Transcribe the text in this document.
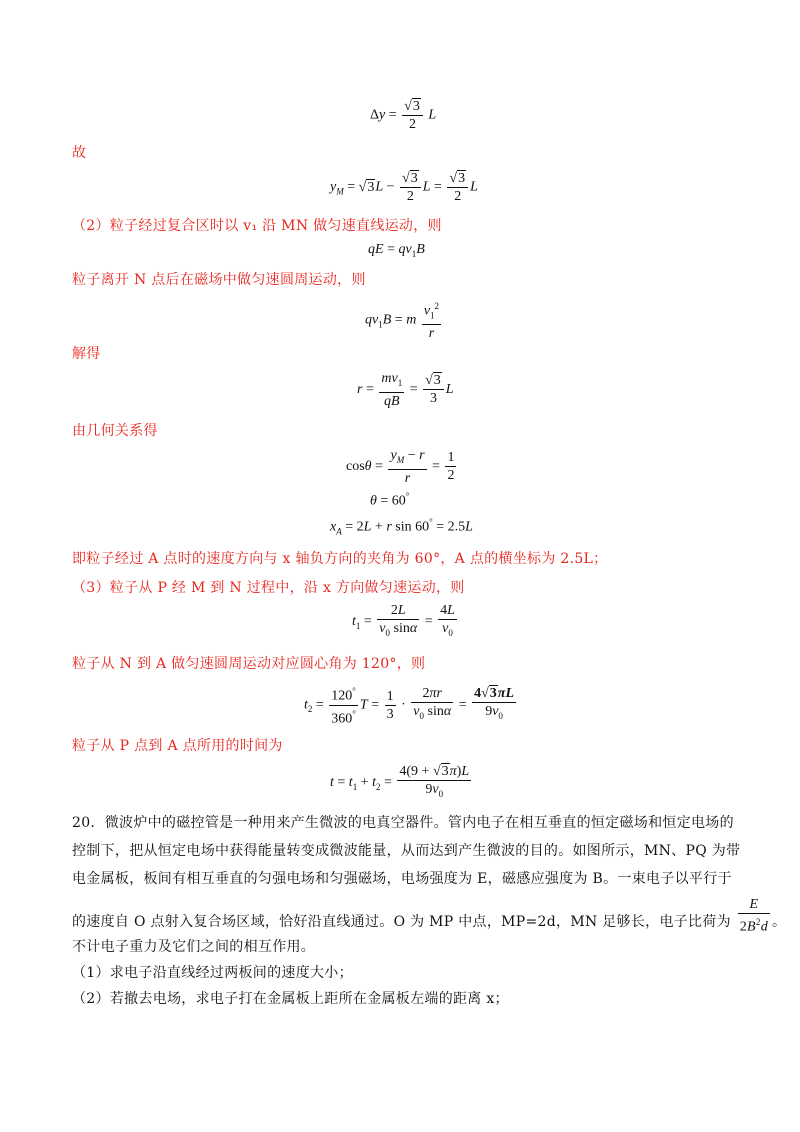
$\Delta y = \frac{√3}{2}$ L
故
$y_M = √3L - \frac{√3}{2}$ $L = \frac{√3}{2}$ L
（2）粒子经过复合区时以 v₁ 沿 MN 做匀速直线运动，则
qE = $qv_1B$
粒子离开 N 点后在磁场中做匀速圆周运动，则
$qv_1B = m \frac{v_1^2}{r}$
解得
$r = \frac{mv_1}{qB} = \frac{√3}{3}$ L
由几何关系得
$\cos\theta = \frac{y_M - r}{r} = \frac{1}{2}$
θ = 60°
$x_A = 2L + r$ sin 60° = 2.5L
即粒子经过 A 点时的速度方向与 x 轴负方向的夹角为 60°，A 点的横坐标为 2.5L；
（3）粒子从 P 经 M 到 N 过程中，沿 x 方向做匀速运动，则
$t_1 = \frac{2L}{v_0 \sin\alpha} = \frac{4L}{v_0}$
粒子从 N 到 A 做匀速圆周运动对应圆心角为 120°，则
$t_2 = \frac{120^\circ}{360^\circ}$ $T = \frac{1}{3} \cdot \frac{2\pi r}{v_0 \sin\alpha} = \frac{4√3\pi L}{9v_0}$
粒子从 P 点到 A 点所用的时间为
$t = t_1 + t_2 = \frac{4(9 + √3\pi)L}{9v_0}$
20．微波炉中的磁控管是一种用来产生微波的电真空器件。管内电子在相互垂直的恒定磁场和恒定电场的
控制下，把从恒定电场中获得能量转变成微波能量，从而达到产生微波的目的。如图所示，MN、PQ 为带
电金属板，板间有相互垂直的匀强电场和匀强磁场，电场强度为 E，磁感应强度为 B。一束电子以平行于
的速度自 O 点射入复合场区域，恰好沿直线通过。O 为 MP 中点，MP=2d，MN 足够长，电子比荷为 $\frac{E}{2B^2d}$ 。
不计电子重力及它们之间的相互作用。
（1）求电子沿直线经过两板间的速度大小；
（2）若撤去电场，求电子打在金属板上距所在金属板左端的距离 x；
